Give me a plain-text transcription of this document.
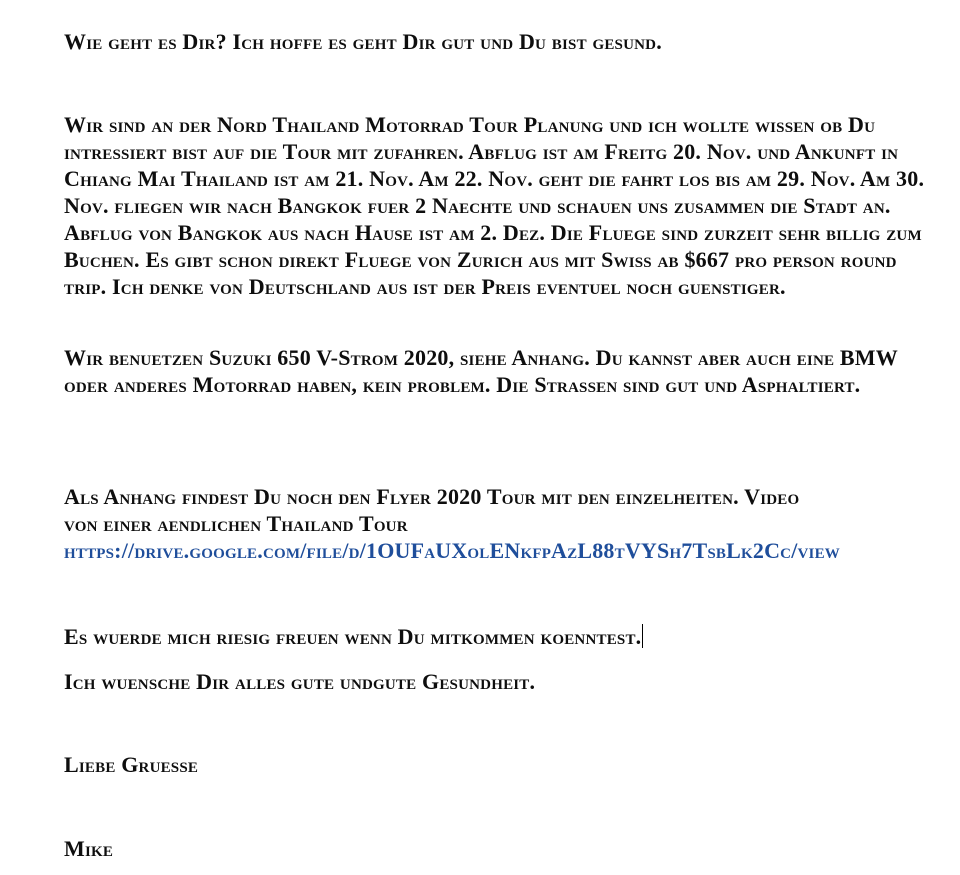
Wie geht es Dir? Ich hoffe es geht Dir gut und Du bist gesund.

Wir sind an der Nord Thailand Motorrad Tour Planung und ich wollte wissen ob Du intressiert bist auf die Tour mit zufahren. Abflug ist am Freitg 20. Nov. und Ankunft in Chiang Mai Thailand ist am 21. Nov. Am 22. Nov. geht die fahrt los bis am 29. Nov. Am 30. Nov. fliegen wir nach Bangkok fuer 2 Naechte und schauen uns zusammen die Stadt an. Abflug von Bangkok aus nach Hause ist am 2. Dez. Die Fluege sind zurzeit sehr billig zum Buchen. Es gibt schon direkt Fluege von Zurich aus mit Swiss ab $667 pro person round trip. Ich denke von Deutschland aus ist der Preis eventuel noch guenstiger.

Wir benuetzen Suzuki 650 V-Strom 2020, siehe Anhang. Du kannst aber auch eine BMW oder anderes Motorrad haben, kein problem. Die Strassen sind gut und Asphaltiert.

Als Anhang findest Du noch den Flyer 2020 Tour mit den einzelheiten. Video von einer aendlichen Thailand Tour https://drive.google.com/file/d/1OUFaUXolENkfpAzL88tVYSh7TsbLk2Cc/view

Es wuerde mich riesig freuen wenn Du mitkommen koenntest.

Ich wuensche Dir alles gute undgute Gesundheit.

Liebe Gruesse

Mike
